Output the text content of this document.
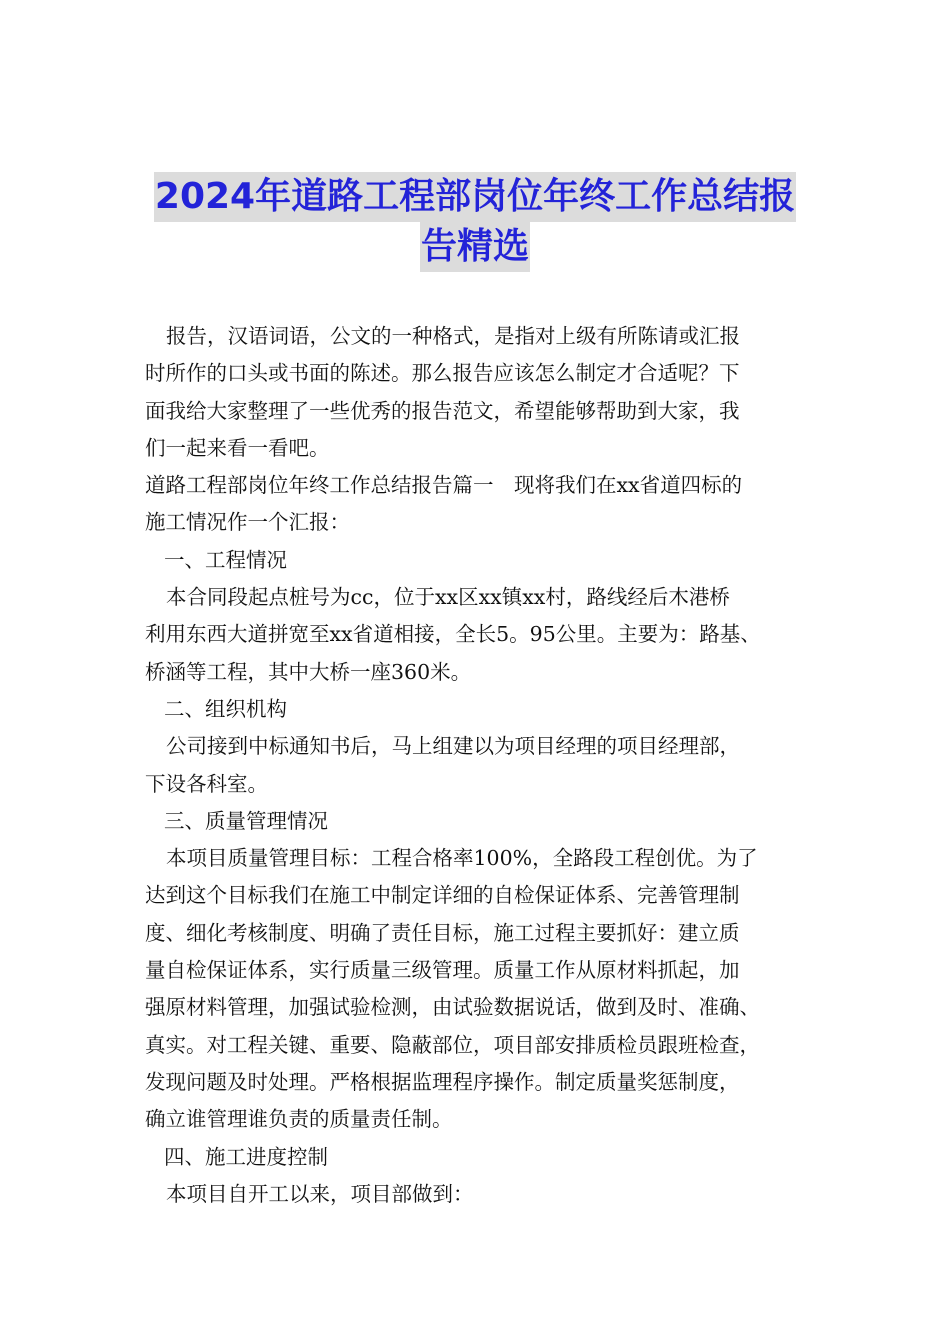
2024年道路工程部岗位年终工作总结报
告精选
报告，汉语词语，公文的一种格式，是指对上级有所陈请或汇报
时所作的口头或书面的陈述。那么报告应该怎么制定才合适呢？下
面我给大家整理了一些优秀的报告范文，希望能够帮助到大家，我
们一起来看一看吧。
道路工程部岗位年终工作总结报告篇一　现将我们在xx省道四标的
施工情况作一个汇报：
一、工程情况
本合同段起点桩号为cc，位于xx区xx镇xx村，路线经后木港桥
利用东西大道拼宽至xx省道相接，全长5。95公里。主要为：路基、
桥涵等工程，其中大桥一座360米。
二、组织机构
公司接到中标通知书后，马上组建以为项目经理的项目经理部，
下设各科室。
三、质量管理情况
本项目质量管理目标：工程合格率100%，全路段工程创优。为了
达到这个目标我们在施工中制定详细的自检保证体系、完善管理制
度、细化考核制度、明确了责任目标，施工过程主要抓好：建立质
量自检保证体系，实行质量三级管理。质量工作从原材料抓起，加
强原材料管理，加强试验检测，由试验数据说话，做到及时、准确、
真实。对工程关键、重要、隐蔽部位，项目部安排质检员跟班检查，
发现问题及时处理。严格根据监理程序操作。制定质量奖惩制度，
确立谁管理谁负责的质量责任制。
四、施工进度控制
本项目自开工以来，项目部做到：
